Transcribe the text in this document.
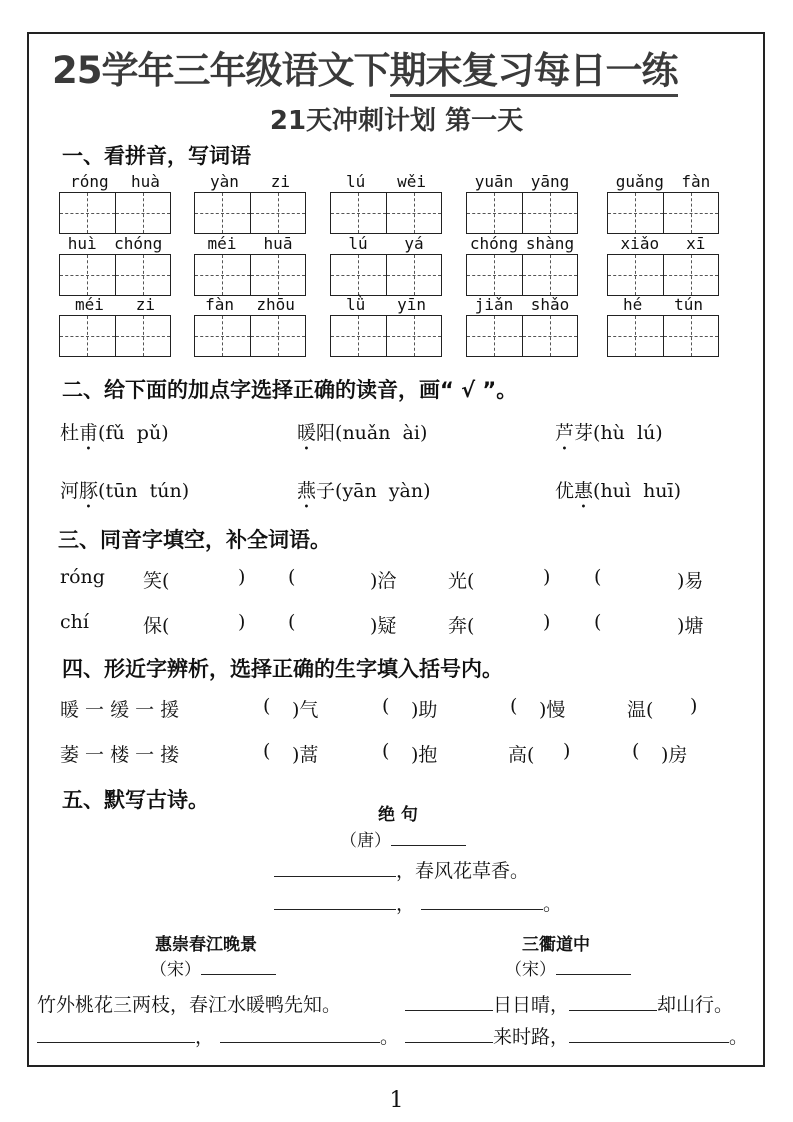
25学年三年级语文下期末复习每日一练
21天冲刺计划 第一天
一、看拼音，写词语
róng huà	yàn zi	lú wěi	yuān yāng	guǎng fàn
huì chóng	méi huā	lú yá	chóng shàng	xiǎo xī
méi zi	fàn zhōu	lǜ yīn	jiǎn shǎo	hé tún
二、给下面的加点字选择正确的读音，画“ √ ”。
杜甫(fǔ  pǔ)	暖阳(nuǎn  ài)	芦芽(hù  lú)
河豚(tūn  tún)	燕子(yān  yàn)	优惠(huì  huī)
三、同音字填空，补全词语。
róng 笑(	) (	)洽	光(	) (	)易
chí	保(	) (	)疑	奔(	) (	)塘
四、形近字辨析，选择正确的生字填入括号内。
暖 一 缓 一 援	( )气	( )助	( )慢	温( )
萎 一 楼 一 搂	( )蒿	( )抱	高( )	( )房
五、默写古诗。
绝 句
（唐）
，春风花草香。
，	。
惠崇春江晚景
（宋）
竹外桃花三两枝，春江水暖鸭先知。
，	。
三衢道中
（宋）
日日晴，	却山行。
来时路，	。
1
